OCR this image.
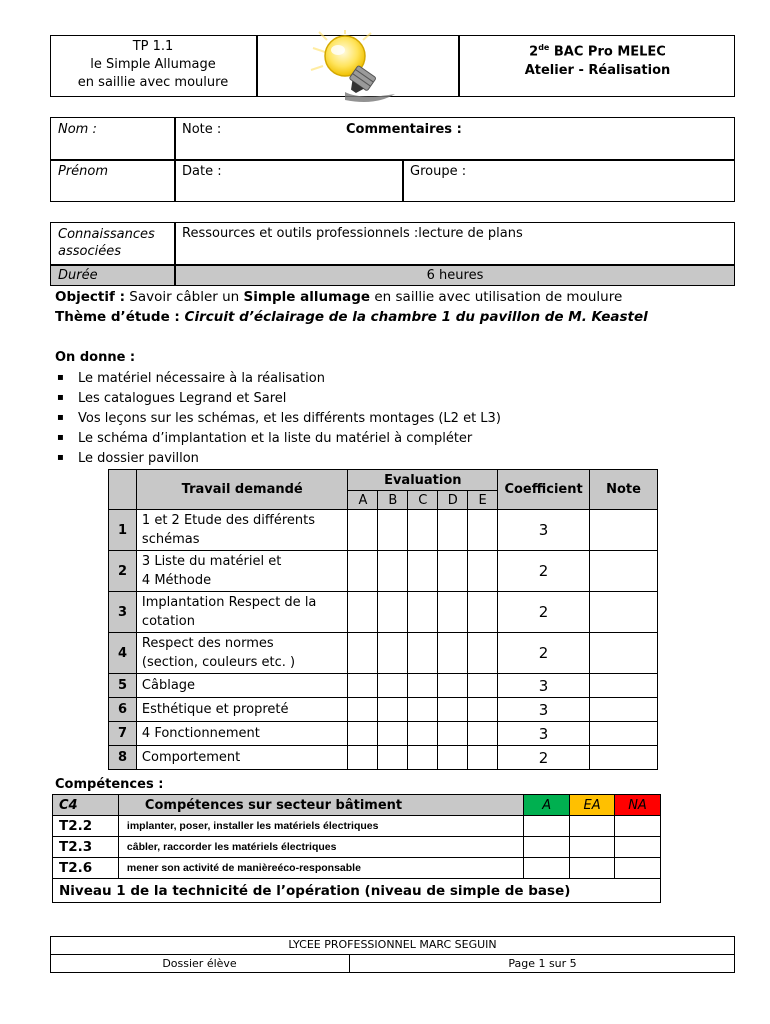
TP 1.1
le Simple Allumage
en saillie avec moulure
2de BAC Pro MELEC
Atelier - Réalisation
Nom :	Note :	Commentaires :
Prénom	Date :	Groupe :
Connaissances associées
Ressources et outils professionnels :lecture de plans
Durée	6 heures
Objectif : Savoir câbler un Simple allumage en saillie avec utilisation de moulure
Thème d’étude : Circuit d’éclairage de la chambre 1 du pavillon de M. Keastel
On donne :
▪ Le matériel nécessaire à la réalisation
▪ Les catalogues Legrand et Sarel
▪ Vos leçons sur les schémas, et les différents montages (L2 et L3)
▪ Le schéma d’implantation et la liste du matériel à compléter
▪ Le dossier pavillon
	Travail demandé	Evaluation					Coefficient	Note
		A	B	C	D	E		
1	1 et 2 Etude des différents
schémas						3	
2	3 Liste du matériel et
4 Méthode						2	
3	Implantation Respect de la
cotation						2	
4	Respect des normes
(section, couleurs etc. )						2	
5	Câblage						3	
6	Esthétique et propreté						3	
7	4 Fonctionnement						3	
8	Comportement						2	
Compétences :
C4	Compétences sur secteur bâtiment	A	EA	NA
T2.2	implanter, poser, installer les matériels électriques			
T2.3	câbler, raccorder les matériels électriques			
T2.6	mener son activité de manièreéco-responsable			
Niveau 1 de la technicité de l’opération (niveau de simple de base)				
LYCEE PROFESSIONNEL MARC SEGUIN
Dossier élève	Page 1 sur 5
